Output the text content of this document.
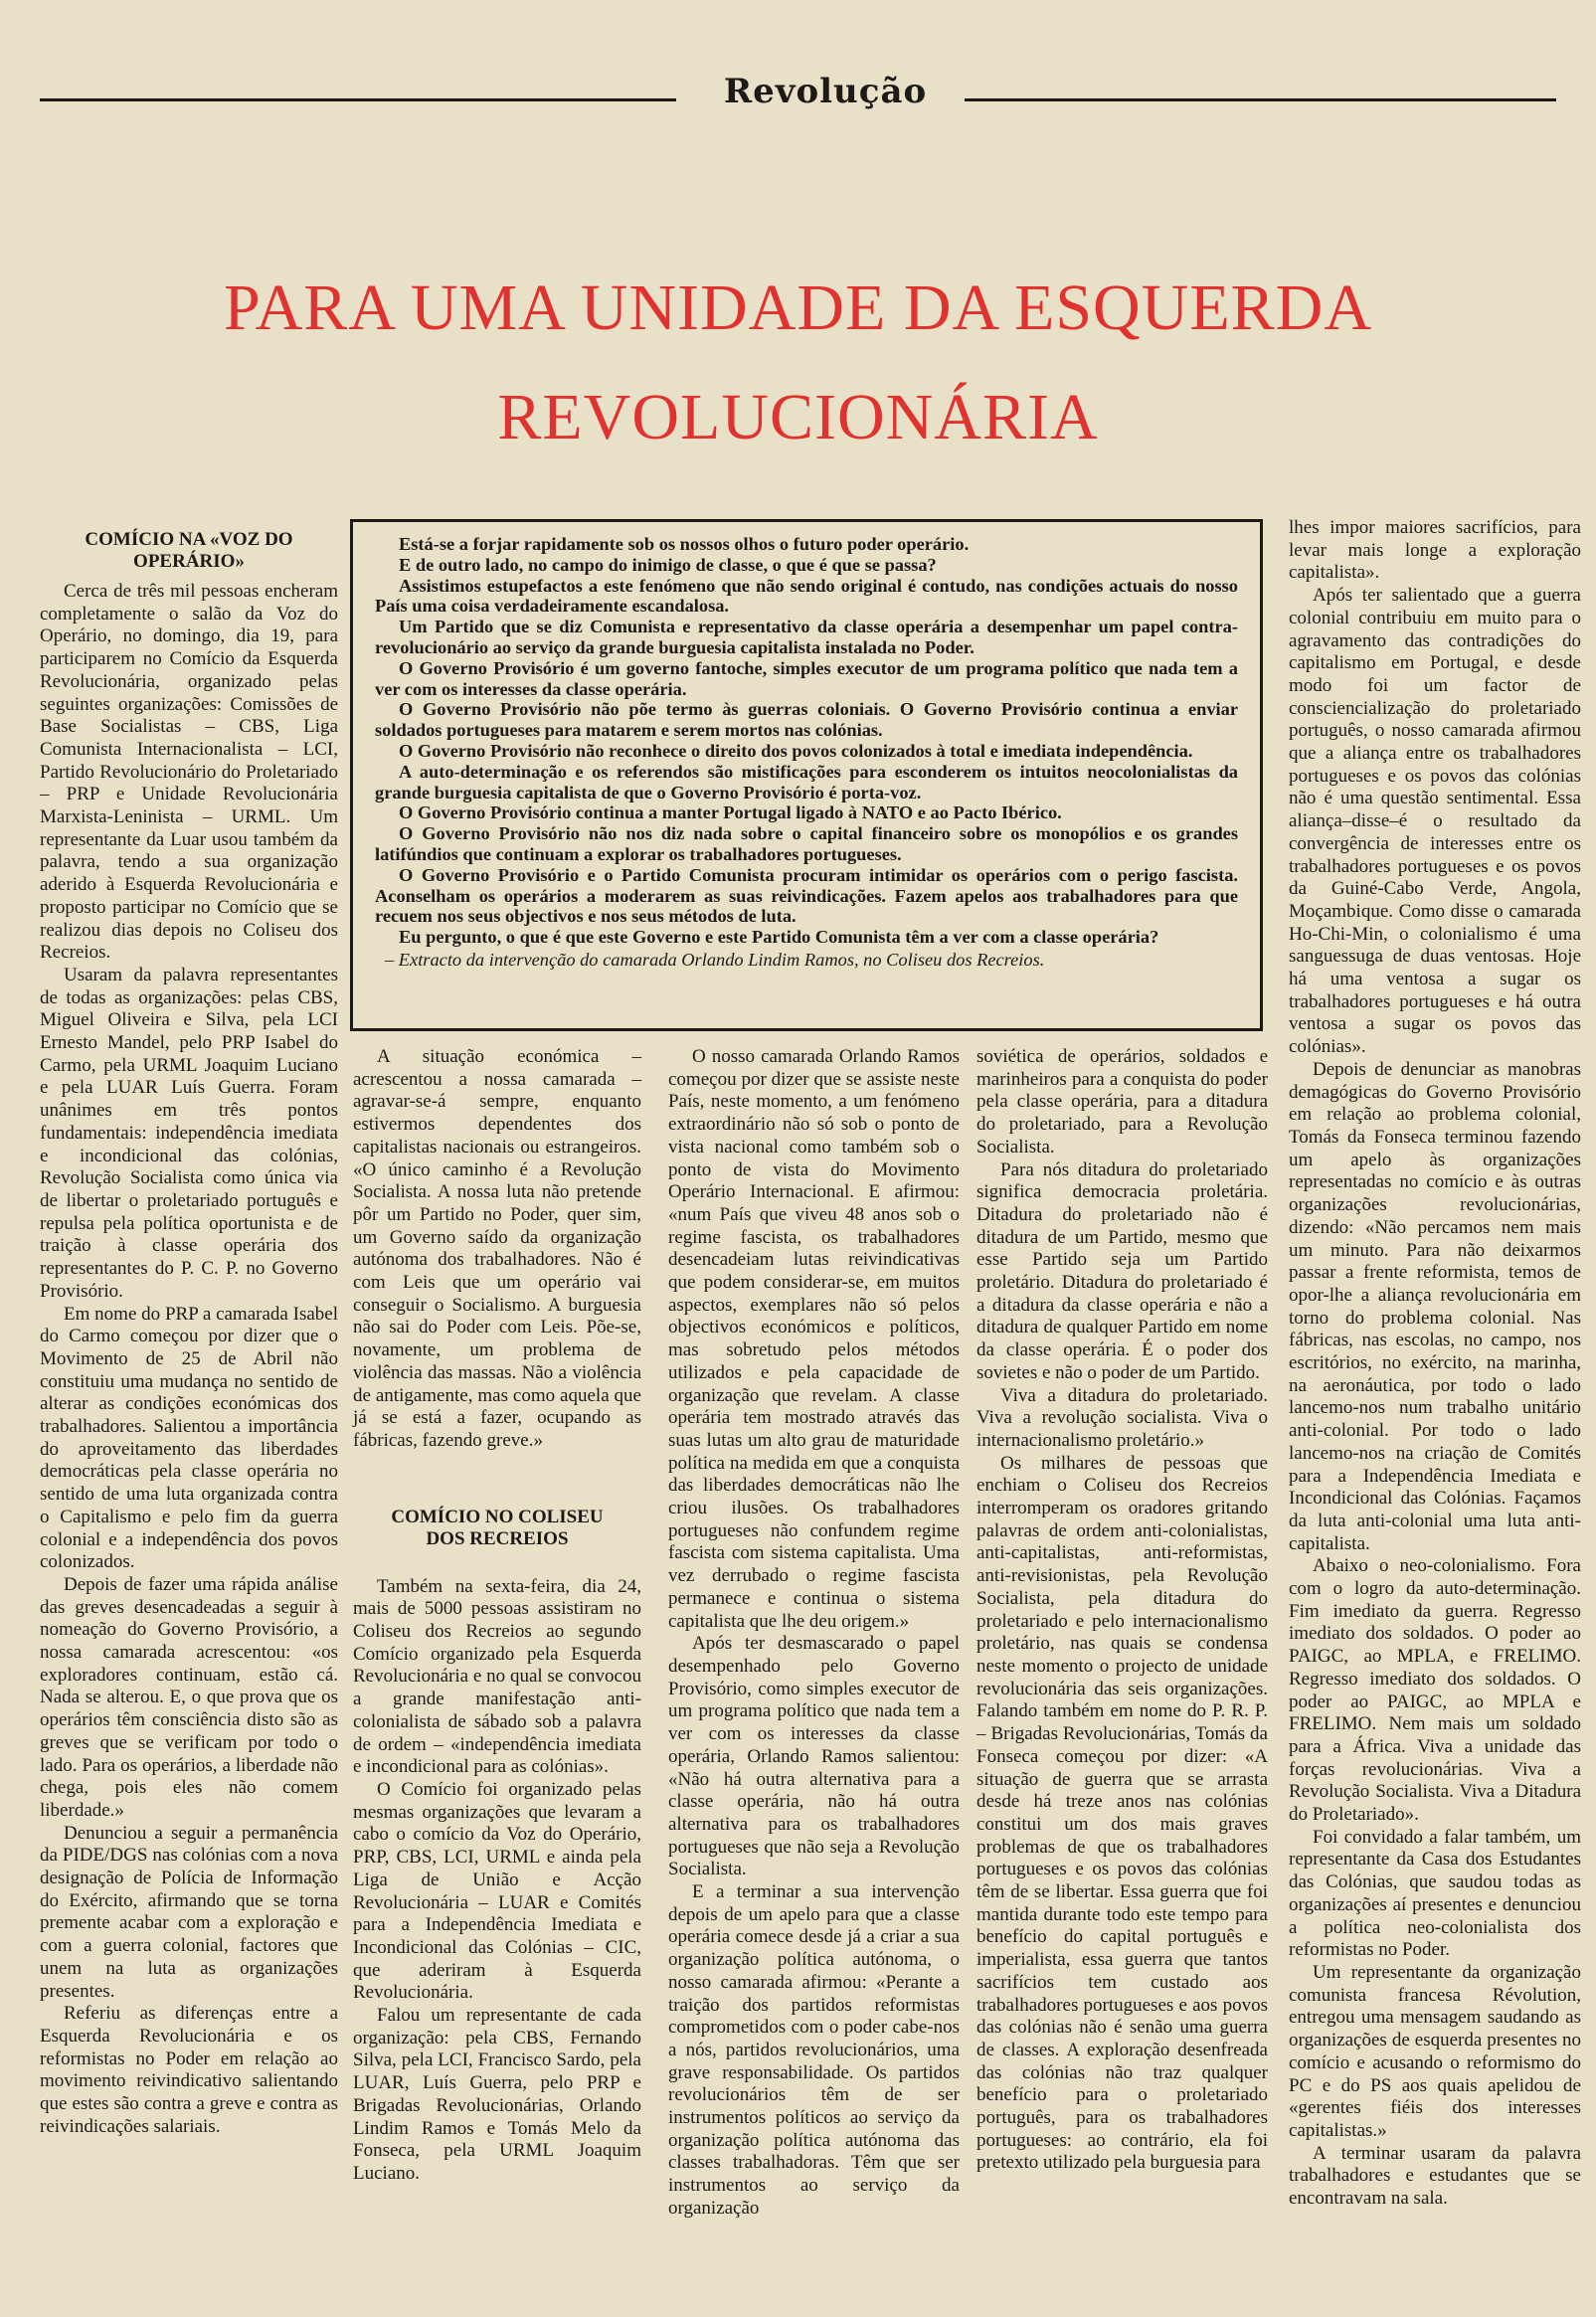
Revolução
PARA UMA UNIDADE DA ESQUERDA REVOLUCIONÁRIA
COMÍCIO NA «VOZ DO OPERÁRIO»

Cerca de três mil pessoas encheram completamente o salão da Voz do Operário, no domingo, dia 19, para participarem no Comício da Esquerda Revolucionária, organizado pelas seguintes organizações: Comissões de Base Socialistas – CBS, Liga Comunista Internacionalista – LCI, Partido Revolucionário do Proletariado – PRP e Unidade Revolucionária Marxista-Leninista – URML. Um representante da Luar usou também da palavra, tendo a sua organização aderido à Esquerda Revolucionária e proposto participar no Comício que se realizou dias depois no Coliseu dos Recreios.

Usaram da palavra representantes de todas as organizações: pelas CBS, Miguel Oliveira e Silva, pela LCI Ernesto Mandel, pelo PRP Isabel do Carmo, pela URML Joaquim Luciano e pela LUAR Luís Guerra. Foram unânimes em três pontos fundamentais: independência imediata e incondicional das colónias, Revolução Socialista como única via de libertar o proletariado português e repulsa pela política oportunista e de traição à classe operária dos representantes do P. C. P. no Governo Provisório.

Em nome do PRP a camarada Isabel do Carmo começou por dizer que o Movimento de 25 de Abril não constituiu uma mudança no sentido de alterar as condições económicas dos trabalhadores. Salientou a importância do aproveitamento das liberdades democráticas pela classe operária no sentido de uma luta organizada contra o Capitalismo e pelo fim da guerra colonial e a independência dos povos colonizados.

Depois de fazer uma rápida análise das greves desencadeadas a seguir à nomeação do Governo Provisório, a nossa camarada acrescentou: «os exploradores continuam, estão cá. Nada se alterou. E, o que prova que os operários têm consciência disto são as greves que se verificam por todo o lado. Para os operários, a liberdade não chega, pois eles não comem liberdade.»

Denunciou a seguir a permanência da PIDE/DGS nas colónias com a nova designação de Polícia de Informação do Exército, afirmando que se torna premente acabar com a exploração e com a guerra colonial, factores que unem na luta as organizações presentes.

Referiu as diferenças entre a Esquerda Revolucionária e os reformistas no Poder em relação ao movimento reivindicativo salientando que estes são contra a greve e contra as reivindicações salariais.

Está-se a forjar rapidamente sob os nossos olhos o futuro poder operário.

E de outro lado, no campo do inimigo de classe, o que é que se passa?

Assistimos estupefactos a este fenómeno que não sendo original é contudo, nas condições actuais do nosso País uma coisa verdadeiramente escandalosa.

Um Partido que se diz Comunista e representativo da classe operária a desempenhar um papel contra-revolucionário ao serviço da grande burguesia capitalista instalada no Poder.

O Governo Provisório é um governo fantoche, simples executor de um programa político que nada tem a ver com os interesses da classe operária.

O Governo Provisório não põe termo às guerras coloniais. O Governo Provisório continua a enviar soldados portugueses para matarem e serem mortos nas colónias.

O Governo Provisório não reconhece o direito dos povos colonizados à total e imediata independência.

A auto-determinação e os referendos são mistificações para esconderem os intuitos neocolonialistas da grande burguesia capitalista de que o Governo Provisório é porta-voz.

O Governo Provisório continua a manter Portugal ligado à NATO e ao Pacto Ibérico.

O Governo Provisório não nos diz nada sobre o capital financeiro sobre os monopólios e os grandes latifúndios que continuam a explorar os trabalhadores portugueses.

O Governo Provisório e o Partido Comunista procuram intimidar os operários com o perigo fascista. Aconselham os operários a moderarem as suas reivindicações. Fazem apelos aos trabalhadores para que recuem nos seus objectivos e nos seus métodos de luta.

Eu pergunto, o que é que este Governo e este Partido Comunista têm a ver com a classe operária?

– Extracto da intervenção do camarada Orlando Lindim Ramos, no Coliseu dos Recreios.

A situação económica – acrescentou a nossa camarada – agravar-se-á sempre, enquanto estivermos dependentes dos capitalistas nacionais ou estrangeiros. «O único caminho é a Revolução Socialista. A nossa luta não pretende pôr um Partido no Poder, quer sim, um Governo saído da organização autónoma dos trabalhadores. Não é com Leis que um operário vai conseguir o Socialismo. A burguesia não sai do Poder com Leis. Põe-se, novamente, um problema de violência das massas. Não a violência de antigamente, mas como aquela que já se está a fazer, ocupando as fábricas, fazendo greve.»

COMÍCIO NO COLISEU DOS RECREIOS

Também na sexta-feira, dia 24, mais de 5000 pessoas assistiram no Coliseu dos Recreios ao segundo Comício organizado pela Esquerda Revolucionária e no qual se convocou a grande manifestação anti-colonialista de sábado sob a palavra de ordem – «independência imediata e incondicional para as colónias».

O Comício foi organizado pelas mesmas organizações que levaram a cabo o comício da Voz do Operário, PRP, CBS, LCI, URML e ainda pela Liga de União e Acção Revolucionária – LUAR e Comités para a Independência Imediata e Incondicional das Colónias – CIC, que aderiram à Esquerda Revolucionária.

Falou um representante de cada organização: pela CBS, Fernando Silva, pela LCI, Francisco Sardo, pela LUAR, Luís Guerra, pelo PRP e Brigadas Revolucionárias, Orlando Lindim Ramos e Tomás Melo da Fonseca, pela URML Joaquim Luciano.

O nosso camarada Orlando Ramos começou por dizer que se assiste neste País, neste momento, a um fenómeno extraordinário não só sob o ponto de vista nacional como também sob o ponto de vista do Movimento Operário Internacional. E afirmou: «num País que viveu 48 anos sob o regime fascista, os trabalhadores desencadeiam lutas reivindicativas que podem considerar-se, em muitos aspectos, exemplares não só pelos objectivos económicos e políticos, mas sobretudo pelos métodos utilizados e pela capacidade de organização que revelam. A classe operária tem mostrado através das suas lutas um alto grau de maturidade política na medida em que a conquista das liberdades democráticas não lhe criou ilusões. Os trabalhadores portugueses não confundem regime fascista com sistema capitalista. Uma vez derrubado o regime fascista permanece e continua o sistema capitalista que lhe deu origem.»

Após ter desmascarado o papel desempenhado pelo Governo Provisório, como simples executor de um programa político que nada tem a ver com os interesses da classe operária, Orlando Ramos salientou: «Não há outra alternativa para a classe operária, não há outra alternativa para os trabalhadores portugueses que não seja a Revolução Socialista.

E a terminar a sua intervenção depois de um apelo para que a classe operária comece desde já a criar a sua organização política autónoma, o nosso camarada afirmou: «Perante a traição dos partidos reformistas comprometidos com o poder cabe-nos a nós, partidos revolucionários, uma grave responsabilidade. Os partidos revolucionários têm de ser instrumentos políticos ao serviço da organização política autónoma das classes trabalhadoras. Têm que ser instrumentos ao serviço da organização

soviética de operários, soldados e marinheiros para a conquista do poder pela classe operária, para a ditadura do proletariado, para a Revolução Socialista.

Para nós ditadura do proletariado significa democracia proletária. Ditadura do proletariado não é ditadura de um Partido, mesmo que esse Partido seja um Partido proletário. Ditadura do proletariado é a ditadura da classe operária e não a ditadura de qualquer Partido em nome da classe operária. É o poder dos sovietes e não o poder de um Partido.

Viva a ditadura do proletariado. Viva a revolução socialista. Viva o internacionalismo proletário.»

Os milhares de pessoas que enchiam o Coliseu dos Recreios interromperam os oradores gritando palavras de ordem anti-colonialistas, anti-capitalistas, anti-reformistas, anti-revisionistas, pela Revolução Socialista, pela ditadura do proletariado e pelo internacionalismo proletário, nas quais se condensa neste momento o projecto de unidade revolucionária das seis organizações. Falando também em nome do P. R. P. – Brigadas Revolucionárias, Tomás da Fonseca começou por dizer: «A situação de guerra que se arrasta desde há treze anos nas colónias constitui um dos mais graves problemas de que os trabalhadores portugueses e os povos das colónias têm de se libertar. Essa guerra que foi mantida durante todo este tempo para benefício do capital português e imperialista, essa guerra que tantos sacrifícios tem custado aos trabalhadores portugueses e aos povos das colónias não é senão uma guerra de classes. A exploração desenfreada das colónias não traz qualquer benefício para o proletariado português, para os trabalhadores portugueses: ao contrário, ela foi pretexto utilizado pela burguesia para

lhes impor maiores sacrifícios, para levar mais longe a exploração capitalista».

Após ter salientado que a guerra colonial contribuiu em muito para o agravamento das contradições do capitalismo em Portugal, e desde modo foi um factor de consciencialização do proletariado português, o nosso camarada afirmou que a aliança entre os trabalhadores portugueses e os povos das colónias não é uma questão sentimental. Essa aliança–disse–é o resultado da convergência de interesses entre os trabalhadores portugueses e os povos da Guiné-Cabo Verde, Angola, Moçambique. Como disse o camarada Ho-Chi-Min, o colonialismo é uma sanguessuga de duas ventosas. Hoje há uma ventosa a sugar os trabalhadores portugueses e há outra ventosa a sugar os povos das colónias».

Depois de denunciar as manobras demagógicas do Governo Provisório em relação ao problema colonial, Tomás da Fonseca terminou fazendo um apelo às organizações representadas no comício e às outras organizações revolucionárias, dizendo: «Não percamos nem mais um minuto. Para não deixarmos passar a frente reformista, temos de opor-lhe a aliança revolucionária em torno do problema colonial. Nas fábricas, nas escolas, no campo, nos escritórios, no exército, na marinha, na aeronáutica, por todo o lado lancemo-nos num trabalho unitário anti-colonial. Por todo o lado lancemo-nos na criação de Comités para a Independência Imediata e Incondicional das Colónias. Façamos da luta anti-colonial uma luta anti-capitalista.

Abaixo o neo-colonialismo. Fora com o logro da auto-determinação. Fim imediato da guerra. Regresso imediato dos soldados. O poder ao PAIGC, ao MPLA, e FRELIMO. Regresso imediato dos soldados. O poder ao PAIGC, ao MPLA e FRELIMO. Nem mais um soldado para a África. Viva a unidade das forças revolucionárias. Viva a Revolução Socialista. Viva a Ditadura do Proletariado».

Foi convidado a falar também, um representante da Casa dos Estudantes das Colónias, que saudou todas as organizações aí presentes e denunciou a política neo-colonialista dos reformistas no Poder.

Um representante da organização comunista francesa Révolution, entregou uma mensagem saudando as organizações de esquerda presentes no comício e acusando o reformismo do PC e do PS aos quais apelidou de «gerentes fiéis dos interesses capitalistas.»

A terminar usaram da palavra trabalhadores e estudantes que se encontravam na sala.
